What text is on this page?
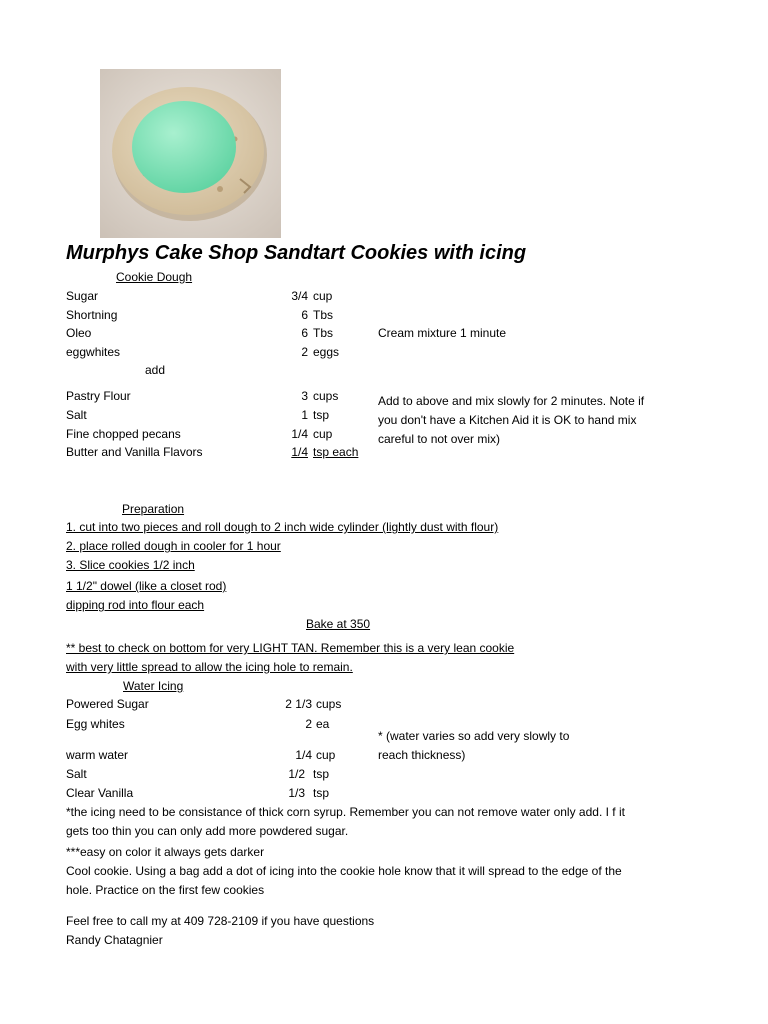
Murphys Cake Shop Sandtart Cookies with icing
Cookie Dough
Sugar	3/4 cup
Shortning	6 Tbs
Oleo	6 Tbs
eggwhites	2 eggs
Cream mixture 1 minute
add
Pastry Flour	3 cups
Salt	1 tsp
Fine chopped pecans	1/4 cup
Butter and Vanilla Flavors	1/4 tsp each
Add to above and mix slowly for 2 minutes. Note if
you don't have a Kitchen Aid it is OK to hand mix
careful to not over mix)
Preparation
1. cut into two pieces and roll dough to 2 inch wide cylinder (lightly dust with flour)
2. place rolled dough in cooler for 1 hour
3. Slice cookies 1/2 inch
1 1/2" dowel (like a closet rod)
dipping rod into flour each
Bake at 350
** best to check on bottom for very LIGHT TAN. Remember this is a very lean cookie
with very little spread to allow the icing hole to remain.
Water Icing
Powered Sugar	2 1/3 cups
Egg whites	2 ea
warm water	1/4 cup
Salt	1/2 tsp
Clear Vanilla	1/3 tsp
* (water varies so add very slowly to
reach thickness)
*the icing need to be consistance of thick corn syrup. Remember you can not remove water only add. I f it
gets too thin you can only add more powdered sugar.
***easy on color it always gets darker
Cool cookie. Using a bag add a dot of icing into the cookie hole know that it will spread to the edge of the
hole. Practice on the first few cookies
Feel free to call my at 409 728-2109 if you have questions
Randy Chatagnier
